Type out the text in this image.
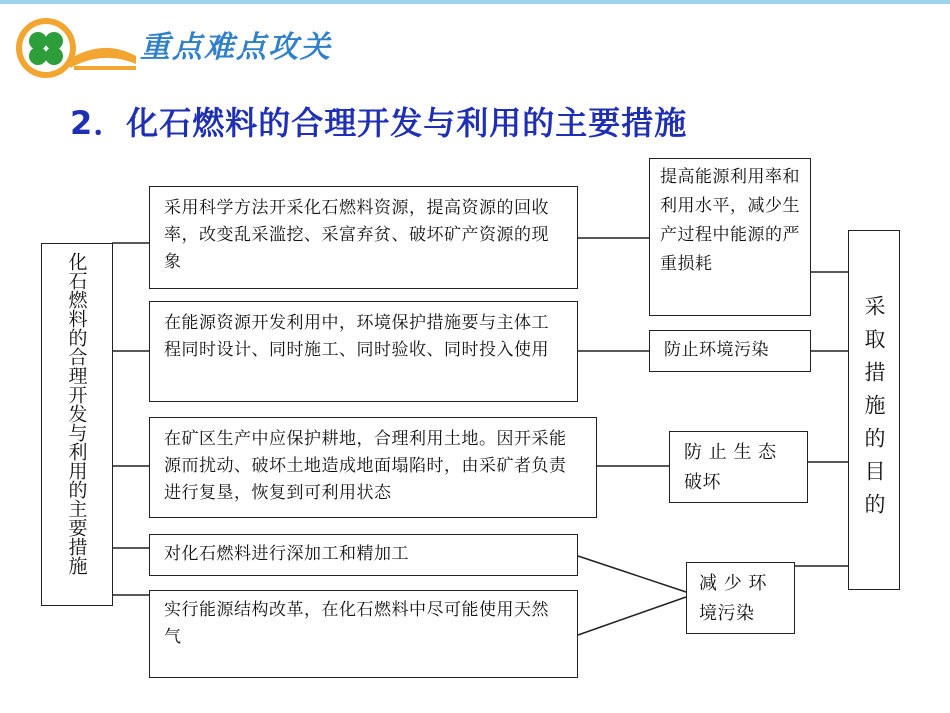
重点难点攻关
2．化石燃料的合理开发与利用的主要措施
化石燃料的合理开发与利用的主要措施
采用科学方法开采化石燃料资源，提高资源的回收率，改变乱采滥挖、采富弃贫、破坏矿产资源的现象
在能源资源开发利用中，环境保护措施要与主体工程同时设计、同时施工、同时验收、同时投入使用
在矿区生产中应保护耕地，合理利用土地。因开采能源而扰动、破坏土地造成地面塌陷时，由采矿者负责进行复垦，恢复到可利用状态
对化石燃料进行深加工和精加工
实行能源结构改革，在化石燃料中尽可能使用天然气
提高能源利用率和利用水平，减少生产过程中能源的严重损耗
防止环境污染
防 止 生 态 破坏
减 少 环 境污染
采取措施的目的
